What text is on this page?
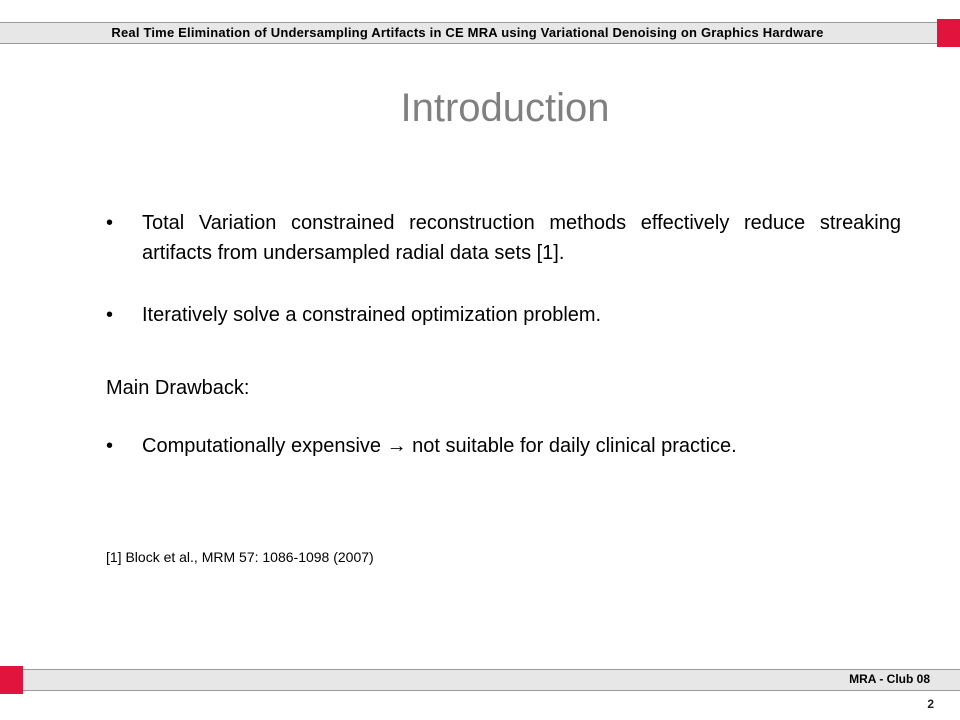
Real Time Elimination of Undersampling Artifacts in CE MRA using Variational Denoising on Graphics Hardware
Introduction
•	Total Variation constrained reconstruction methods effectively reduce streaking artifacts from undersampled radial data sets [1].
•	Iteratively solve a constrained optimization problem.
Main Drawback:
•	Computationally expensive → not suitable for daily clinical practice.
[1] Block et al., MRM 57: 1086-1098 (2007)
MRA - Club 08
2
